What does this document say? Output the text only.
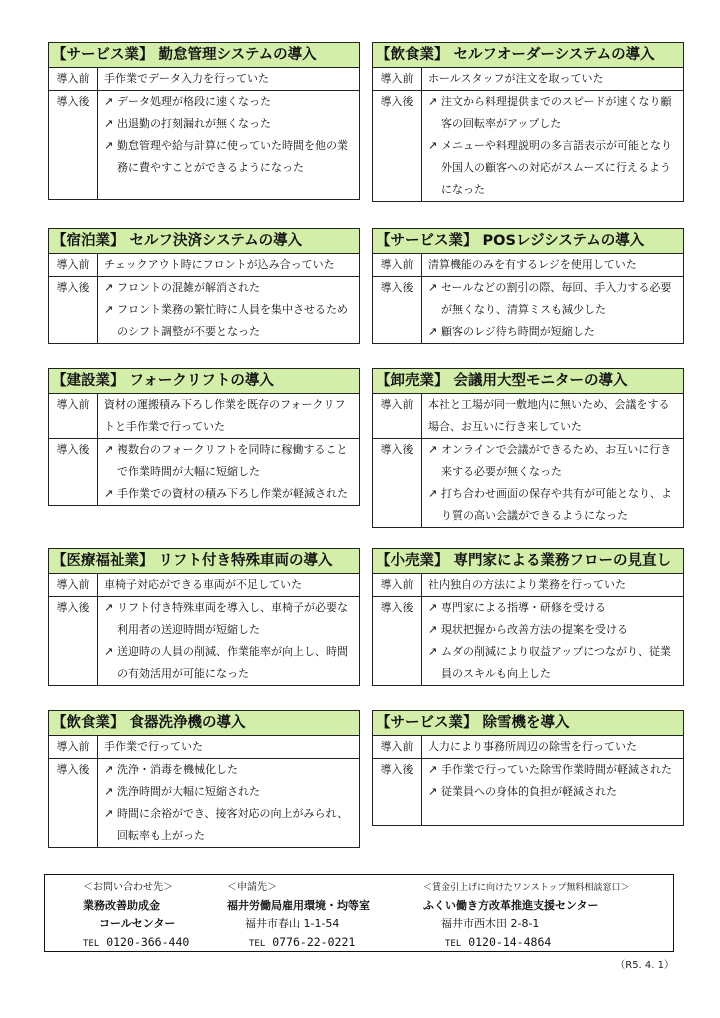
【サービス業】 勤怠管理システムの導入
導入前	手作業でデータ入力を行っていた
導入後	↗ データ処理が格段に速くなった
↗ 出退勤の打刻漏れが無くなった
↗ 勤怠管理や給与計算に使っていた時間を他の業務に費やすことができるようになった
【飲食業】 セルフオーダーシステムの導入
導入前	ホールスタッフが注文を取っていた
導入後	↗ 注文から料理提供までのスピードが速くなり顧客の回転率がアップした
↗ メニューや料理説明の多言語表示が可能となり外国人の顧客への対応がスムーズに行えるようになった
【宿泊業】 セルフ決済システムの導入
導入前	チェックアウト時にフロントが込み合っていた
導入後	↗ フロントの混雑が解消された
↗ フロント業務の繁忙時に人員を集中させるためのシフト調整が不要となった
【サービス業】 POSレジシステムの導入
導入前	清算機能のみを有するレジを使用していた
導入後	↗ セールなどの割引の際、毎回、手入力する必要が無くなり、清算ミスも減少した
↗ 顧客のレジ待ち時間が短縮した
【建設業】 フォークリフトの導入
導入前	資材の運搬積み下ろし作業を既存のフォークリフトと手作業で行っていた
導入後	↗ 複数台のフォークリフトを同時に稼働することで作業時間が大幅に短縮した
↗ 手作業での資材の積み下ろし作業が軽減された
【卸売業】 会議用大型モニターの導入
導入前	本社と工場が同一敷地内に無いため、会議をする場合、お互いに行き来していた
導入後	↗ オンラインで会議ができるため、お互いに行き来する必要が無くなった
↗ 打ち合わせ画面の保存や共有が可能となり、より質の高い会議ができるようになった
【医療福祉業】 リフト付き特殊車両の導入
導入前	車椅子対応ができる車両が不足していた
導入後	↗ リフト付き特殊車両を導入し、車椅子が必要な利用者の送迎時間が短縮した
↗ 送迎時の人員の削減、作業能率が向上し、時間の有効活用が可能になった
【小売業】 専門家による業務フローの見直し
導入前	社内独自の方法により業務を行っていた
導入後	↗ 専門家による指導・研修を受ける
↗ 現状把握から改善方法の提案を受ける
↗ ムダの削減により収益アップにつながり、従業員のスキルも向上した
【飲食業】 食器洗浄機の導入
導入前	手作業で行っていた
導入後	↗ 洗浄・消毒を機械化した
↗ 洗浄時間が大幅に短縮された
↗ 時間に余裕ができ、接客対応の向上がみられ、回転率も上がった
【サービス業】 除雪機を導入
導入前	人力により事務所周辺の除雪を行っていた
導入後	↗ 手作業で行っていた除雪作業時間が軽減された
↗ 従業員への身体的負担が軽減された
＜お問い合わせ先＞
業務改善助成金
コールセンター
TEL 0120-366-440
＜申請先＞
福井労働局雇用環境・均等室
福井市春山 1-1-54
TEL 0776-22-0221
＜賃金引上げに向けたワンストップ無料相談窓口＞
ふくい働き方改革推進支援センター
福井市西木田 2-8-1
TEL 0120-14-4864
（R5. 4. 1）
